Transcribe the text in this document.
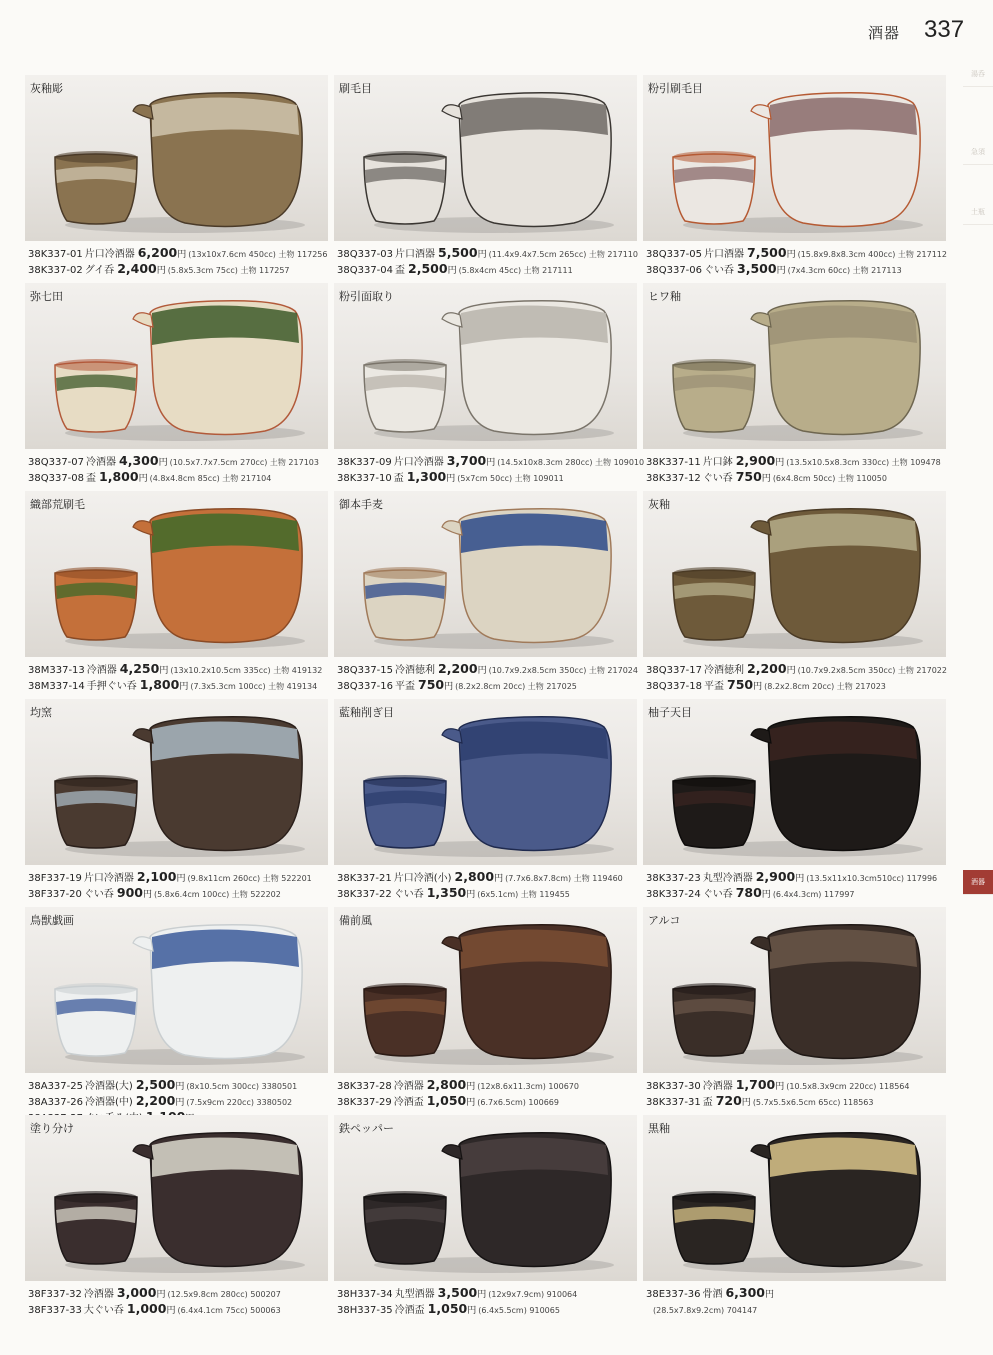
酒器 337
湯呑
急須
土瓶
酒器
灰釉彫
38K337-01 片口冷酒器 6,200円 (13x10x7.6cm 450cc) 土物 117256
38K337-02 グイ呑 2,400円 (5.8x5.3cm 75cc) 土物 117257
刷毛目
38Q337-03 片口酒器 5,500円 (11.4x9.4x7.5cm 265cc) 土物 217110
38Q337-04 盃 2,500円 (5.8x4cm 45cc) 土物 217111
粉引刷毛目
38Q337-05 片口酒器 7,500円 (15.8x9.8x8.3cm 400cc) 土物 217112
38Q337-06 ぐい呑 3,500円 (7x4.3cm 60cc) 土物 217113
弥七田
38Q337-07 冷酒器 4,300円 (10.5x7.7x7.5cm 270cc) 土物 217103
38Q337-08 盃 1,800円 (4.8x4.8cm 85cc) 土物 217104
粉引面取り
38K337-09 片口冷酒器 3,700円 (14.5x10x8.3cm 280cc) 土物 109010
38K337-10 盃 1,300円 (5x7cm 50cc) 土物 109011
ヒワ釉
38K337-11 片口鉢 2,900円 (13.5x10.5x8.3cm 330cc) 土物 109478
38K337-12 ぐい呑 750円 (6x4.8cm 50cc) 土物 110050
織部荒刷毛
38M337-13 冷酒器 4,250円 (13x10.2x10.5cm 335cc) 土物 419132
38M337-14 手押ぐい呑 1,800円 (7.3x5.3cm 100cc) 土物 419134
御本手麦
38Q337-15 冷酒徳利 2,200円 (10.7x9.2x8.5cm 350cc) 土物 217024
38Q337-16 平盃 750円 (8.2x2.8cm 20cc) 土物 217025
灰釉
38Q337-17 冷酒徳利 2,200円 (10.7x9.2x8.5cm 350cc) 土物 217022
38Q337-18 平盃 750円 (8.2x2.8cm 20cc) 土物 217023
均窯
38F337-19 片口冷酒器 2,100円 (9.8x11cm 260cc) 土物 522201
38F337-20 ぐい呑 900円 (5.8x6.4cm 100cc) 土物 522202
藍釉削ぎ目
38K337-21 片口冷酒(小) 2,800円 (7.7x6.8x7.8cm) 土物 119460
38K337-22 ぐい呑 1,350円 (6x5.1cm) 土物 119455
柚子天目
38K337-23 丸型冷酒器 2,900円 (13.5x11x10.3cm510cc) 117996
38K337-24 ぐい呑 780円 (6.4x4.3cm) 117997
鳥獣戯画
38A337-25 冷酒器(大) 2,500円 (8x10.5cm 300cc) 3380501
38A337-26 冷酒器(中) 2,200円 (7.5x9cm 220cc) 3380502
備前風
38K337-28 冷酒器 2,800円 (12x8.6x11.3cm) 100670
38K337-29 冷酒盃 1,050円 (6.7x6.5cm) 100669
アルコ
38K337-30 冷酒器 1,700円 (10.5x8.3x9cm 220cc) 118564
38K337-31 盃 720円 (5.7x5.5x6.5cm 65cc) 118563
塗り分け
38F337-32 冷酒器 3,000円 (12.5x9.8cm 280cc) 500207
38F337-33 大ぐい呑 1,000円 (6.4x4.1cm 75cc) 500063
鉄ペッパー
38H337-34 丸型酒器 3,500円 (12x9x7.9cm) 910064
38H337-35 冷酒盃 1,050円 (6.4x5.5cm) 910065
黒釉
38E337-36 骨酒 6,300円
(28.5x7.8x9.2cm) 704147
